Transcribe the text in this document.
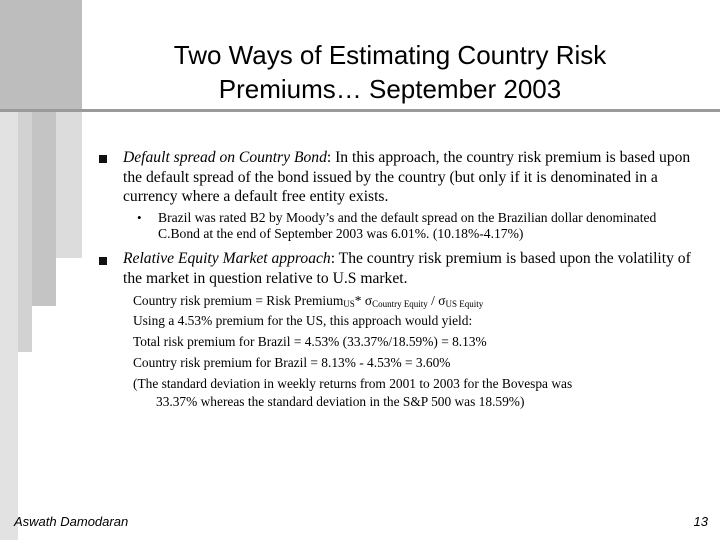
Two Ways of Estimating Country Risk
Premiums… September 2003
Default spread on Country Bond: In this approach, the country risk premium is based upon the default spread of the bond issued by the country (but only if it is denominated in a currency where a default free entity exists.
• Brazil was rated B2 by Moody’s and the default spread on the Brazilian dollar denominated C.Bond at the end of September 2003 was 6.01%. (10.18%-4.17%)
Relative Equity Market approach: The country risk premium is based upon the volatility of the market in question relative to U.S market.
Country risk premium = Risk Premium$_{US}$* $\sigma_{Country Equity} / \sigma_{US Equity}$
Using a 4.53% premium for the US, this approach would yield:
Total risk premium for Brazil = 4.53% (33.37%/18.59%) = 8.13%
Country risk premium for Brazil = 8.13% - 4.53% = 3.60%
(The standard deviation in weekly returns from 2001 to 2003 for the Bovespa was
33.37% whereas the standard deviation in the S&P 500 was 18.59%)
Aswath Damodaran	13
